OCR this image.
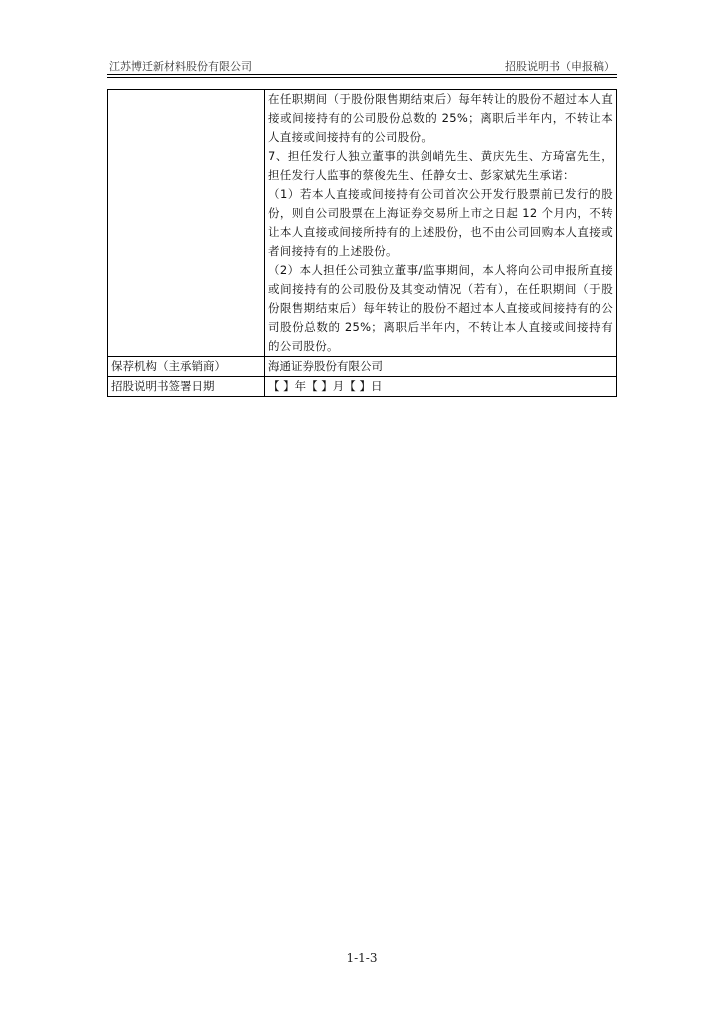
江苏博迁新材料股份有限公司	招股说明书（申报稿）

	在任职期间（于股份限售期结束后）每年转让的股份不超过本人直接或间接持有的公司股份总数的 25%；离职后半年内，不转让本人直接或间接持有的公司股份。
7、担任发行人独立董事的洪剑峭先生、黄庆先生、方琦富先生，担任发行人监事的蔡俊先生、任静女士、彭家斌先生承诺：
（1）若本人直接或间接持有公司首次公开发行股票前已发行的股份，则自公司股票在上海证券交易所上市之日起 12 个月内，不转让本人直接或间接所持有的上述股份，也不由公司回购本人直接或者间接持有的上述股份。
（2）本人担任公司独立董事/监事期间，本人将向公司申报所直接或间接持有的公司股份及其变动情况（若有），在任职期间（于股份限售期结束后）每年转让的股份不超过本人直接或间接持有的公司股份总数的 25%；离职后半年内，不转让本人直接或间接持有的公司股份。

保荐机构（主承销商）	海通证券股份有限公司
招股说明书签署日期	【 】年【 】月【 】日
1-1-3
